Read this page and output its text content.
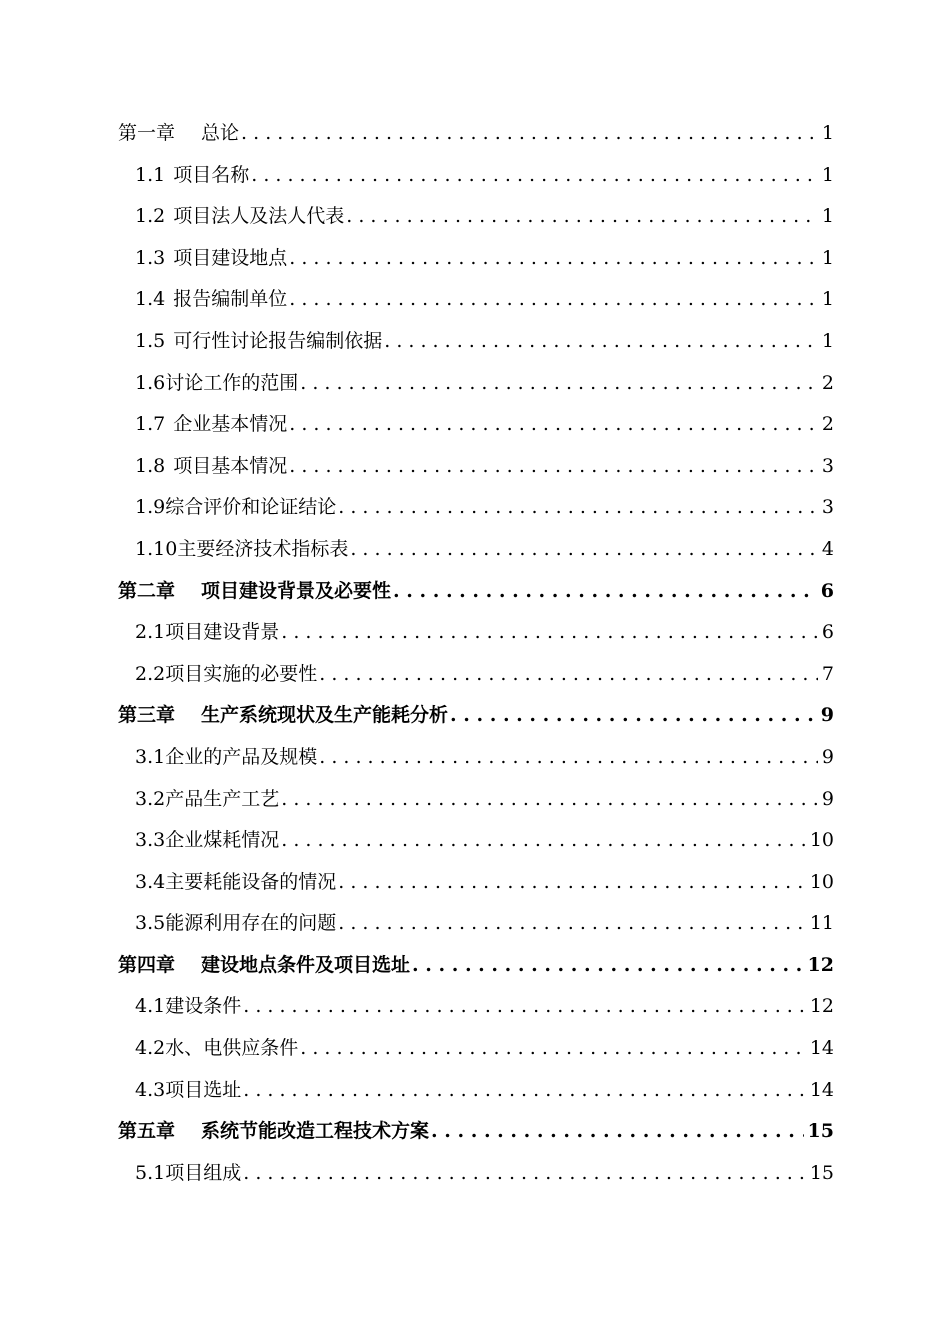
第一章 总论 . . .	1
1.1 项目名称 . . .	1
1.2 项目法人及法人代表 . . .	1
1.3 项目建设地点 . . .	1
1.4 报告编制单位 . . .	1
1.5 可行性讨论报告编制依据 . . .	1
1.6讨论工作的范围 . . .	2
1.7 企业基本情况 . . .	2
1.8 项目基本情况 . . .	3
1.9综合评价和论证结论 . . .	3
1.10主要经济技术指标表 . . .	4
第二章 项目建设背景及必要性 . . .	6
2.1项目建设背景 . . .	6
2.2项目实施的必要性 . . .	7
第三章 生产系统现状及生产能耗分析 . . .	9
3.1企业的产品及规模 . . .	9
3.2产品生产工艺 . . .	9
3.3企业煤耗情况 . . .	10
3.4主要耗能设备的情况 . . .	10
3.5能源利用存在的问题 . . .	11
第四章 建设地点条件及项目选址 . . .	12
4.1建设条件 . . .	12
4.2水、电供应条件 . . .	14
4.3项目选址 . . .	14
第五章 系统节能改造工程技术方案 . . .	15
5.1项目组成 . . .	15
